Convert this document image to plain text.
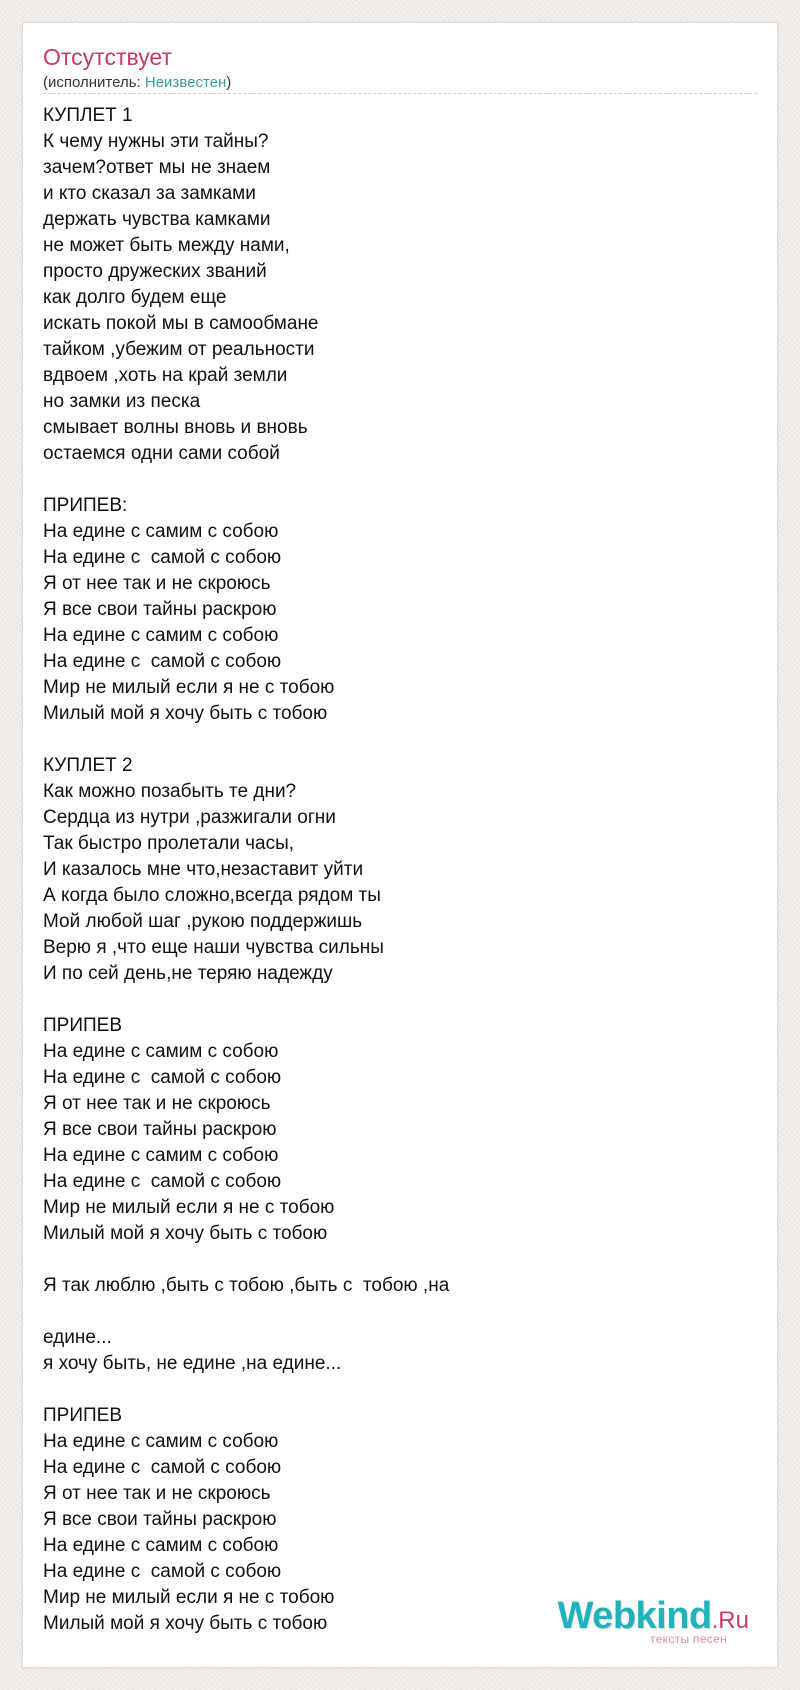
Отсутствует
(исполнитель: Неизвестен)
КУПЛЕТ 1
К чему нужны эти тайны?
зачем?ответ мы не знаем
и кто сказал за замками
держать чувства камками
не может быть между нами,
просто дружеских званий
как долго будем еще
искать покой мы в самообмане
тайком ,убежим от реальности
вдвоем ,хоть на край земли
но замки из песка
смывает волны вновь и вновь
остаемся одни сами собой

ПРИПЕВ:
На едине с самим с собою
На едине с  самой с собою
Я от нее так и не скроюсь
Я все свои тайны раскрою
На едине с самим с собою
На едине с  самой с собою
Мир не милый если я не с тобою
Милый мой я хочу быть с тобою

КУПЛЕТ 2
Как можно позабыть те дни?
Сердца из нутри ,разжигали огни
Так быстро пролетали часы,
И казалось мне что,незаставит уйти
А когда было сложно,всегда рядом ты
Мой любой шаг ,рукою поддержишь
Верю я ,что еще наши чувства сильны
И по сей день,не теряю надежду

ПРИПЕВ
На едине с самим с собою
На едине с  самой с собою
Я от нее так и не скроюсь
Я все свои тайны раскрою
На едине с самим с собою
На едине с  самой с собою
Мир не милый если я не с тобою
Милый мой я хочу быть с тобою

Я так люблю ,быть с тобою ,быть с  тобою ,на

едине...
я хочу быть, не едине ,на едине...

ПРИПЕВ
На едине с самим с собою
На едине с  самой с собою
Я от нее так и не скроюсь
Я все свои тайны раскрою
На едине с самим с собою
На едине с  самой с собою
Мир не милый если я не с тобою
Милый мой я хочу быть с тобою	Webkind.Ru
тексты песен
